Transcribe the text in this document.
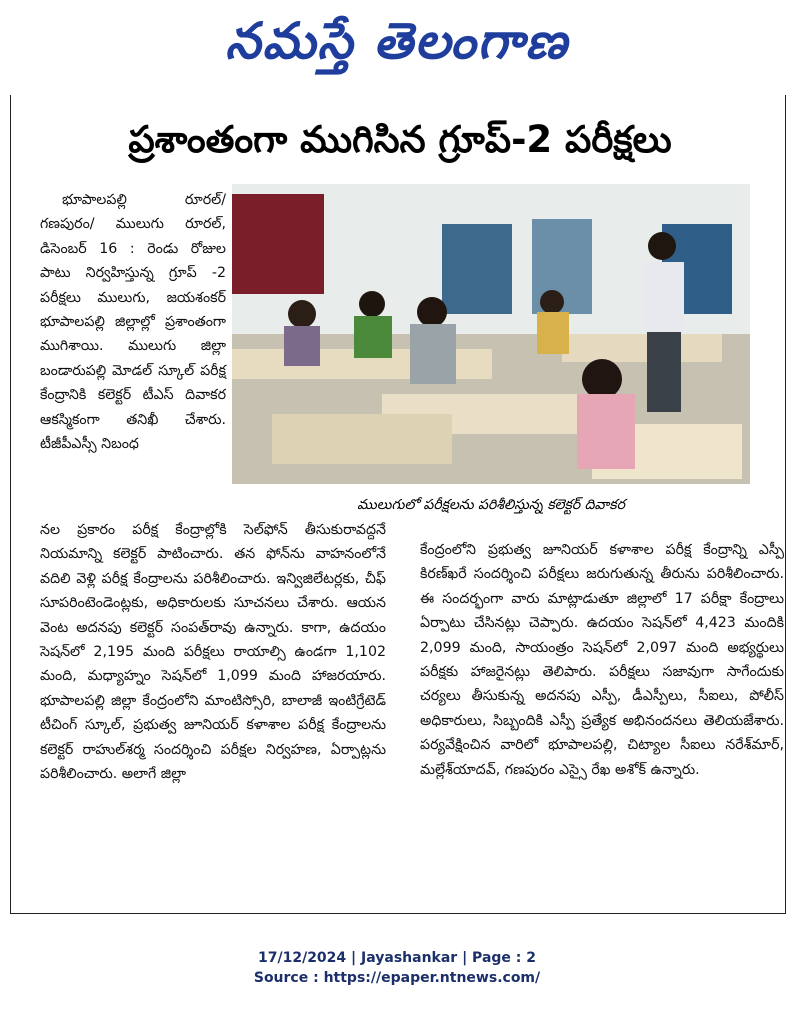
నమస్తే తెలంగాణ
ప్రశాంతంగా ముగిసిన గ్రూప్-2 పరీక్షలు

భూపాలపల్లి రూరల్/ గణపురం/ ములుగు రూరల్, డిసెంబర్ 16 : రెండు రోజుల పాటు నిర్వహిస్తున్న గ్రూప్ -2 పరీక్షలు ములుగు, జయశంకర్ భూపాలపల్లి జిల్లాల్లో ప్రశాంతంగా ముగిశాయి. ములుగు జిల్లా బండారుపల్లి మోడల్ స్కూల్ పరీక్ష కేంద్రానికి కలెక్టర్ టీఎస్ దివాకర ఆకస్మికంగా తనిఖీ చేశారు. టీజీపీఎస్సీ నిబంధ

ములుగులో పరీక్షలను పరిశీలిస్తున్న కలెక్టర్ దివాకర

నల ప్రకారం పరీక్ష కేంద్రాల్లోకి సెల్‌ఫోన్ తీసుకురావద్దనే నియమాన్ని కలెక్టర్ పాటించారు. తన ఫోన్‌ను వాహనంలోనే వదిలి వెళ్లి పరీక్ష కేంద్రాలను పరిశీలించారు. ఇన్విజిలేటర్లకు, చీఫ్ సూపరింటెండెంట్లకు, అధికారులకు సూచనలు చేశారు. ఆయన వెంట అదనపు కలెక్టర్ సంపత్‌రావు ఉన్నారు. కాగా, ఉదయం సెషన్‌లో 2,195 మంది పరీక్షలు రాయాల్సి ఉండగా 1,102 మంది, మధ్యాహ్నం సెషన్‌లో 1,099 మంది హాజరయారు. భూపాలపల్లి జిల్లా కేంద్రంలోని మాంటిస్సోరి, బాలాజీ ఇంటిగ్రేటెడ్ టీచింగ్ స్కూల్, ప్రభుత్వ జూనియర్ కళాశాల పరీక్ష కేంద్రాలను కలెక్టర్ రాహుల్‌శర్మ సందర్శించి పరీక్షల నిర్వహణ, ఏర్పాట్లను పరిశీలించారు. అలాగే జిల్లా

కేంద్రంలోని ప్రభుత్వ జూనియర్ కళాశాల పరీక్ష కేంద్రాన్ని ఎస్పీ కిరణ్‌ఖరే సందర్శించి పరీక్షలు జరుగుతున్న తీరును పరిశీలించారు. ఈ సందర్భంగా వారు మాట్లాడుతూ జిల్లాలో 17 పరీక్షా కేంద్రాలు ఏర్పాటు చేసినట్లు చెప్పారు. ఉదయం సెషన్‌లో 4,423 మందికి 2,099 మంది, సాయంత్రం సెషన్‌లో 2,097 మంది అభ్యర్థులు పరీక్షకు హాజరైనట్లు తెలిపారు. పరీక్షలు సజావుగా సాగేందుకు చర్యలు తీసుకున్న అదనపు ఎస్పీ, డీఎస్పీలు, సీఐలు, పోలీస్ అధికారులు, సిబ్బందికి ఎస్పీ ప్రత్యేక అభినందనలు తెలియజేశారు. పర్యవేక్షించిన వారిలో భూపాలపల్లి, చిట్యాల సీఐలు నరేశ్‌మార్, మల్లేశ్‌యాదవ్, గణపురం ఎస్సై రేఖ అశోక్ ఉన్నారు.

17/12/2024 | Jayashankar | Page : 2
Source : https://epaper.ntnews.com/
